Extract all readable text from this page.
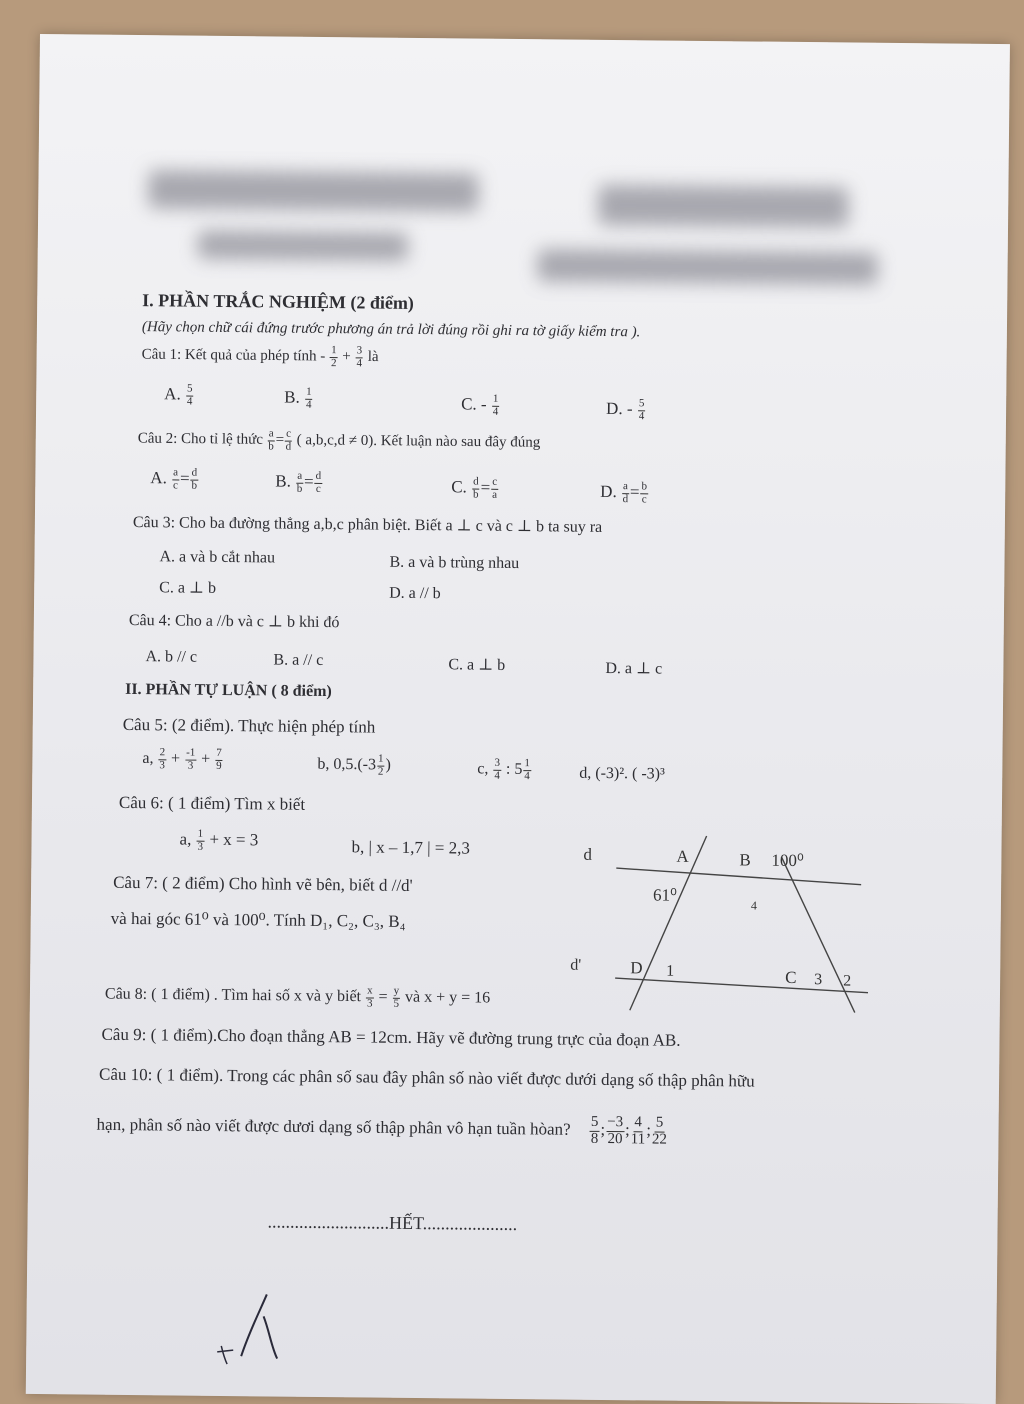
I. PHẦN TRẮC NGHIỆM (2 điểm)
(Hãy chọn chữ cái đứng trước phương án trả lời đúng rồi ghi ra tờ giấy kiểm tra ).
Câu 1: Kết quả của phép tính - $\frac{1}{2} + \frac{3}{4}$ là
A. $\frac{5}{4}$	B. $\frac{1}{4}$	C. - $\frac{1}{4}$	D. - $\frac{5}{4}$
Câu 2: Cho tỉ lệ thức $\frac{a}{b} = \frac{c}{d}$ ( a,b,c,d ≠ 0). Kết luận nào sau đây đúng
A. $\frac{a}{c} = \frac{d}{b}$	B. $\frac{a}{b} = \frac{d}{c}$	C. $\frac{d}{b} = \frac{c}{a}$	D. $\frac{a}{d} = \frac{b}{c}$
Câu 3: Cho ba đường thẳng a,b,c phân biệt. Biết a ⊥ c và c ⊥ b ta suy ra
A. a và b cắt nhau	B. a và b trùng nhau
C. a ⊥ b	D. a // b
Câu 4: Cho a //b và c ⊥ b khi đó
A. b // c	B. a // c	C. a ⊥ b	D. a ⊥ c
II. PHẦN TỰ LUẬN ( 8 điểm)
Câu 5: (2 điểm). Thực hiện phép tính
a, $\frac{2}{3} + \frac{-1}{3} + \frac{7}{9}$	b, $0,5.(-3 \frac{1}{2}$ )	c, $\frac{3}{4}$ : $5 \frac{1}{4}$	d, (-3)². ( -3)³
Câu 6: ( 1 điểm) Tìm x biết
a, $\frac{1}{3} + x = 3$	b, | x – 1,7 | = 2,3
Câu 7: ( 2 điểm) Cho hình vẽ bên, biết d //d'
và hai góc 61⁰ và 100⁰. Tính D₁, C₂, C₃, B₄
d
d'
A	B 100⁰
61⁰
4
D 1	C 3 2
Câu 8: ( 1 điểm) . Tìm hai số x và y biết $\frac{x}{3} = \frac{y}{5}$ và x + y = 16
Câu 9: ( 1 điểm).Cho đoạn thẳng AB = 12cm. Hãy vẽ đường trung trực của đoạn AB.
Câu 10: ( 1 điểm). Trong các phân số sau đây phân số nào viết được dưới dạng số thập phân hữu
hạn, phân số nào viết được dươi dạng số thập phân vô hạn tuần hòan? $\frac{5}{8}$ ; $\frac{-3}{20}$ ; $\frac{4}{11}$ ; $\frac{5}{22}$
...........................HẾT.....................
